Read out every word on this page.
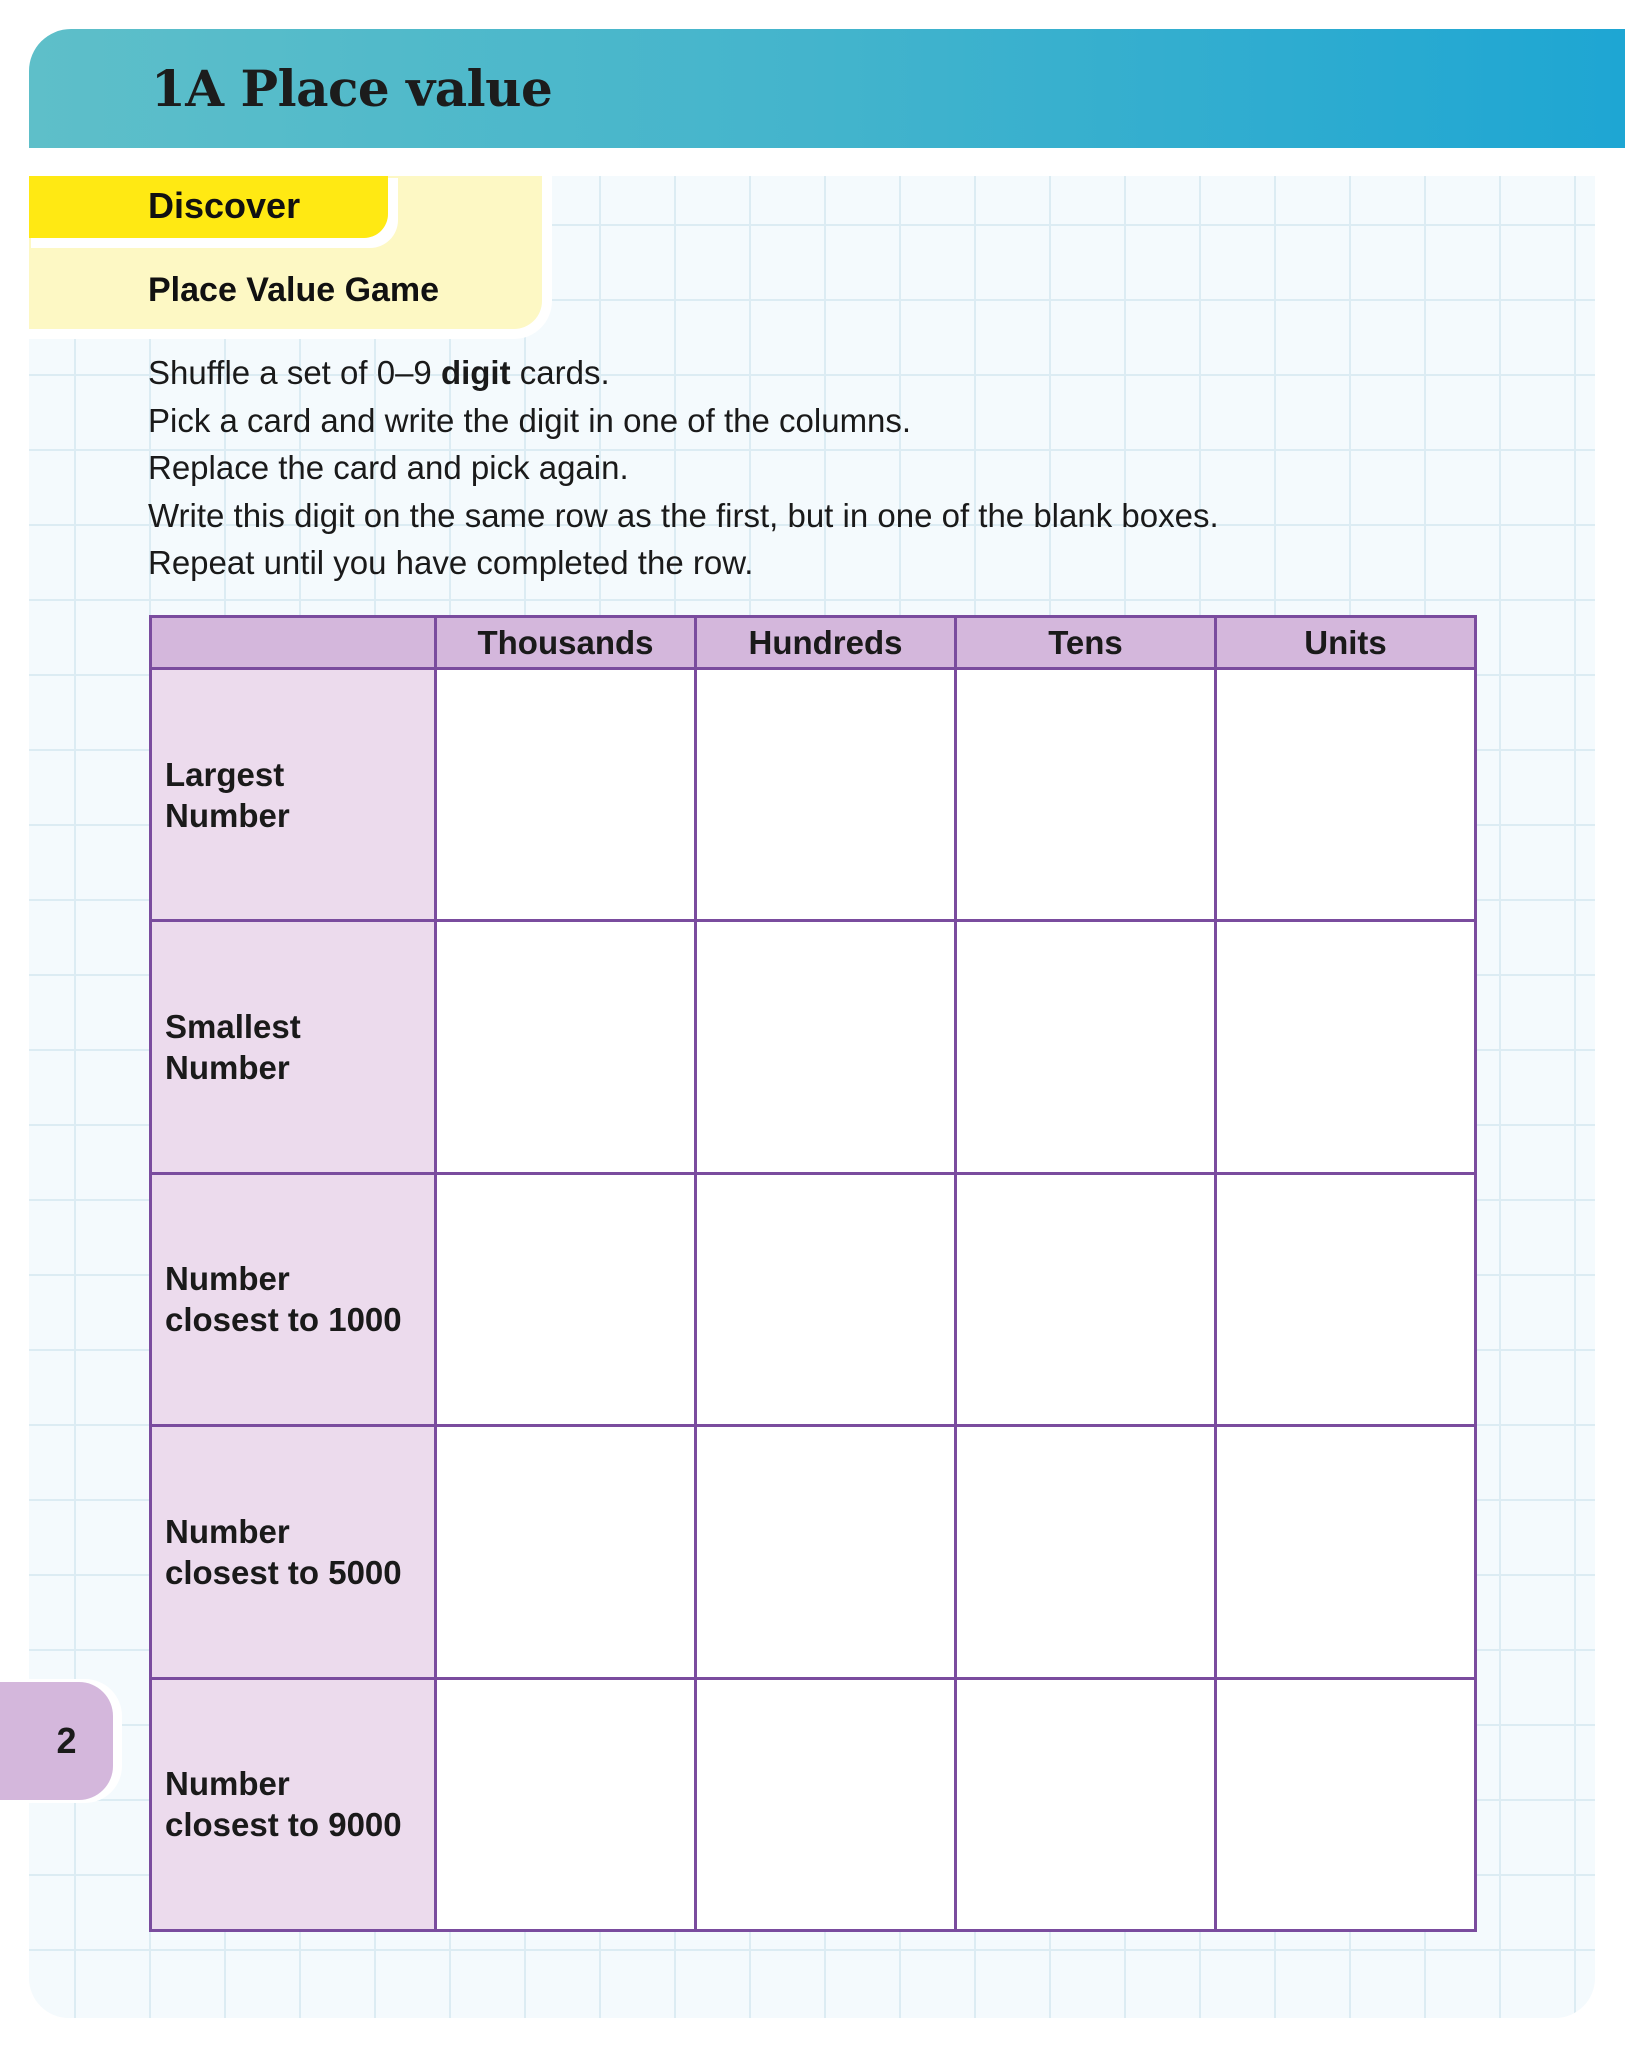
1A Place value
Discover
Place Value Game

Shuffle a set of 0–9 digit cards.

Pick a card and write the digit in one of the columns.

Replace the card and pick again.

Write this digit on the same row as the first, but in one of the blank boxes.

Repeat until you have completed the row.

	Thousands	Hundreds	Tens	Units

Largest
Number				

Smallest
Number				

Number
closest to 1000				

Number
closest to 5000				

Number
closest to 9000				

2
